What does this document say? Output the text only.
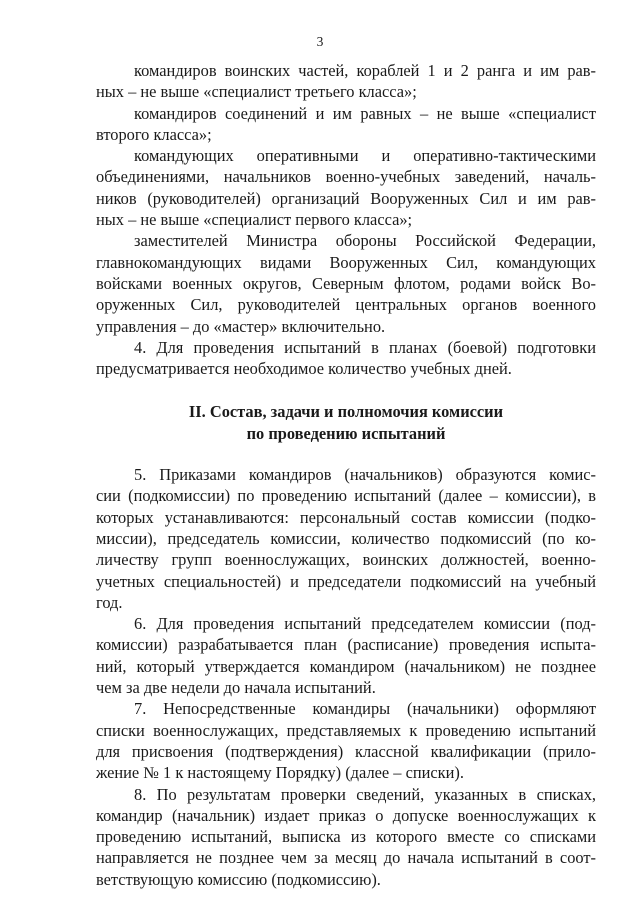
3
командиров воинских частей, кораблей 1 и 2 ранга и им рав-
ных – не выше «специалист третьего класса»;
командиров соединений и им равных – не выше «специалист
второго класса»;
командующих оперативными и оперативно-тактическими
объединениями, начальников военно-учебных заведений, началь-
ников (руководителей) организаций Вооруженных Сил и им рав-
ных – не выше «специалист первого класса»;
заместителей Министра обороны Российской Федерации,
главнокомандующих видами Вооруженных Сил, командующих
войсками военных округов, Северным флотом, родами войск Во-
оруженных Сил, руководителей центральных органов военного
управления – до «мастер» включительно.
4. Для проведения испытаний в планах (боевой) подготовки
предусматривается необходимое количество учебных дней.
II. Состав, задачи и полномочия комиссии
по проведению испытаний
5. Приказами командиров (начальников) образуются комис-
сии (подкомиссии) по проведению испытаний (далее – комиссии), в
которых устанавливаются: персональный состав комиссии (подко-
миссии), председатель комиссии, количество подкомиссий (по ко-
личеству групп военнослужащих, воинских должностей, военно-
учетных специальностей) и председатели подкомиссий на учебный
год.
6. Для проведения испытаний председателем комиссии (под-
комиссии) разрабатывается план (расписание) проведения испыта-
ний, который утверждается командиром (начальником) не позднее
чем за две недели до начала испытаний.
7. Непосредственные командиры (начальники) оформляют
списки военнослужащих, представляемых к проведению испытаний
для присвоения (подтверждения) классной квалификации (прило-
жение № 1 к настоящему Порядку) (далее – списки).
8. По результатам проверки сведений, указанных в списках,
командир (начальник) издает приказ о допуске военнослужащих к
проведению испытаний, выписка из которого вместе со списками
направляется не позднее чем за месяц до начала испытаний в соот-
ветствующую комиссию (подкомиссию).
